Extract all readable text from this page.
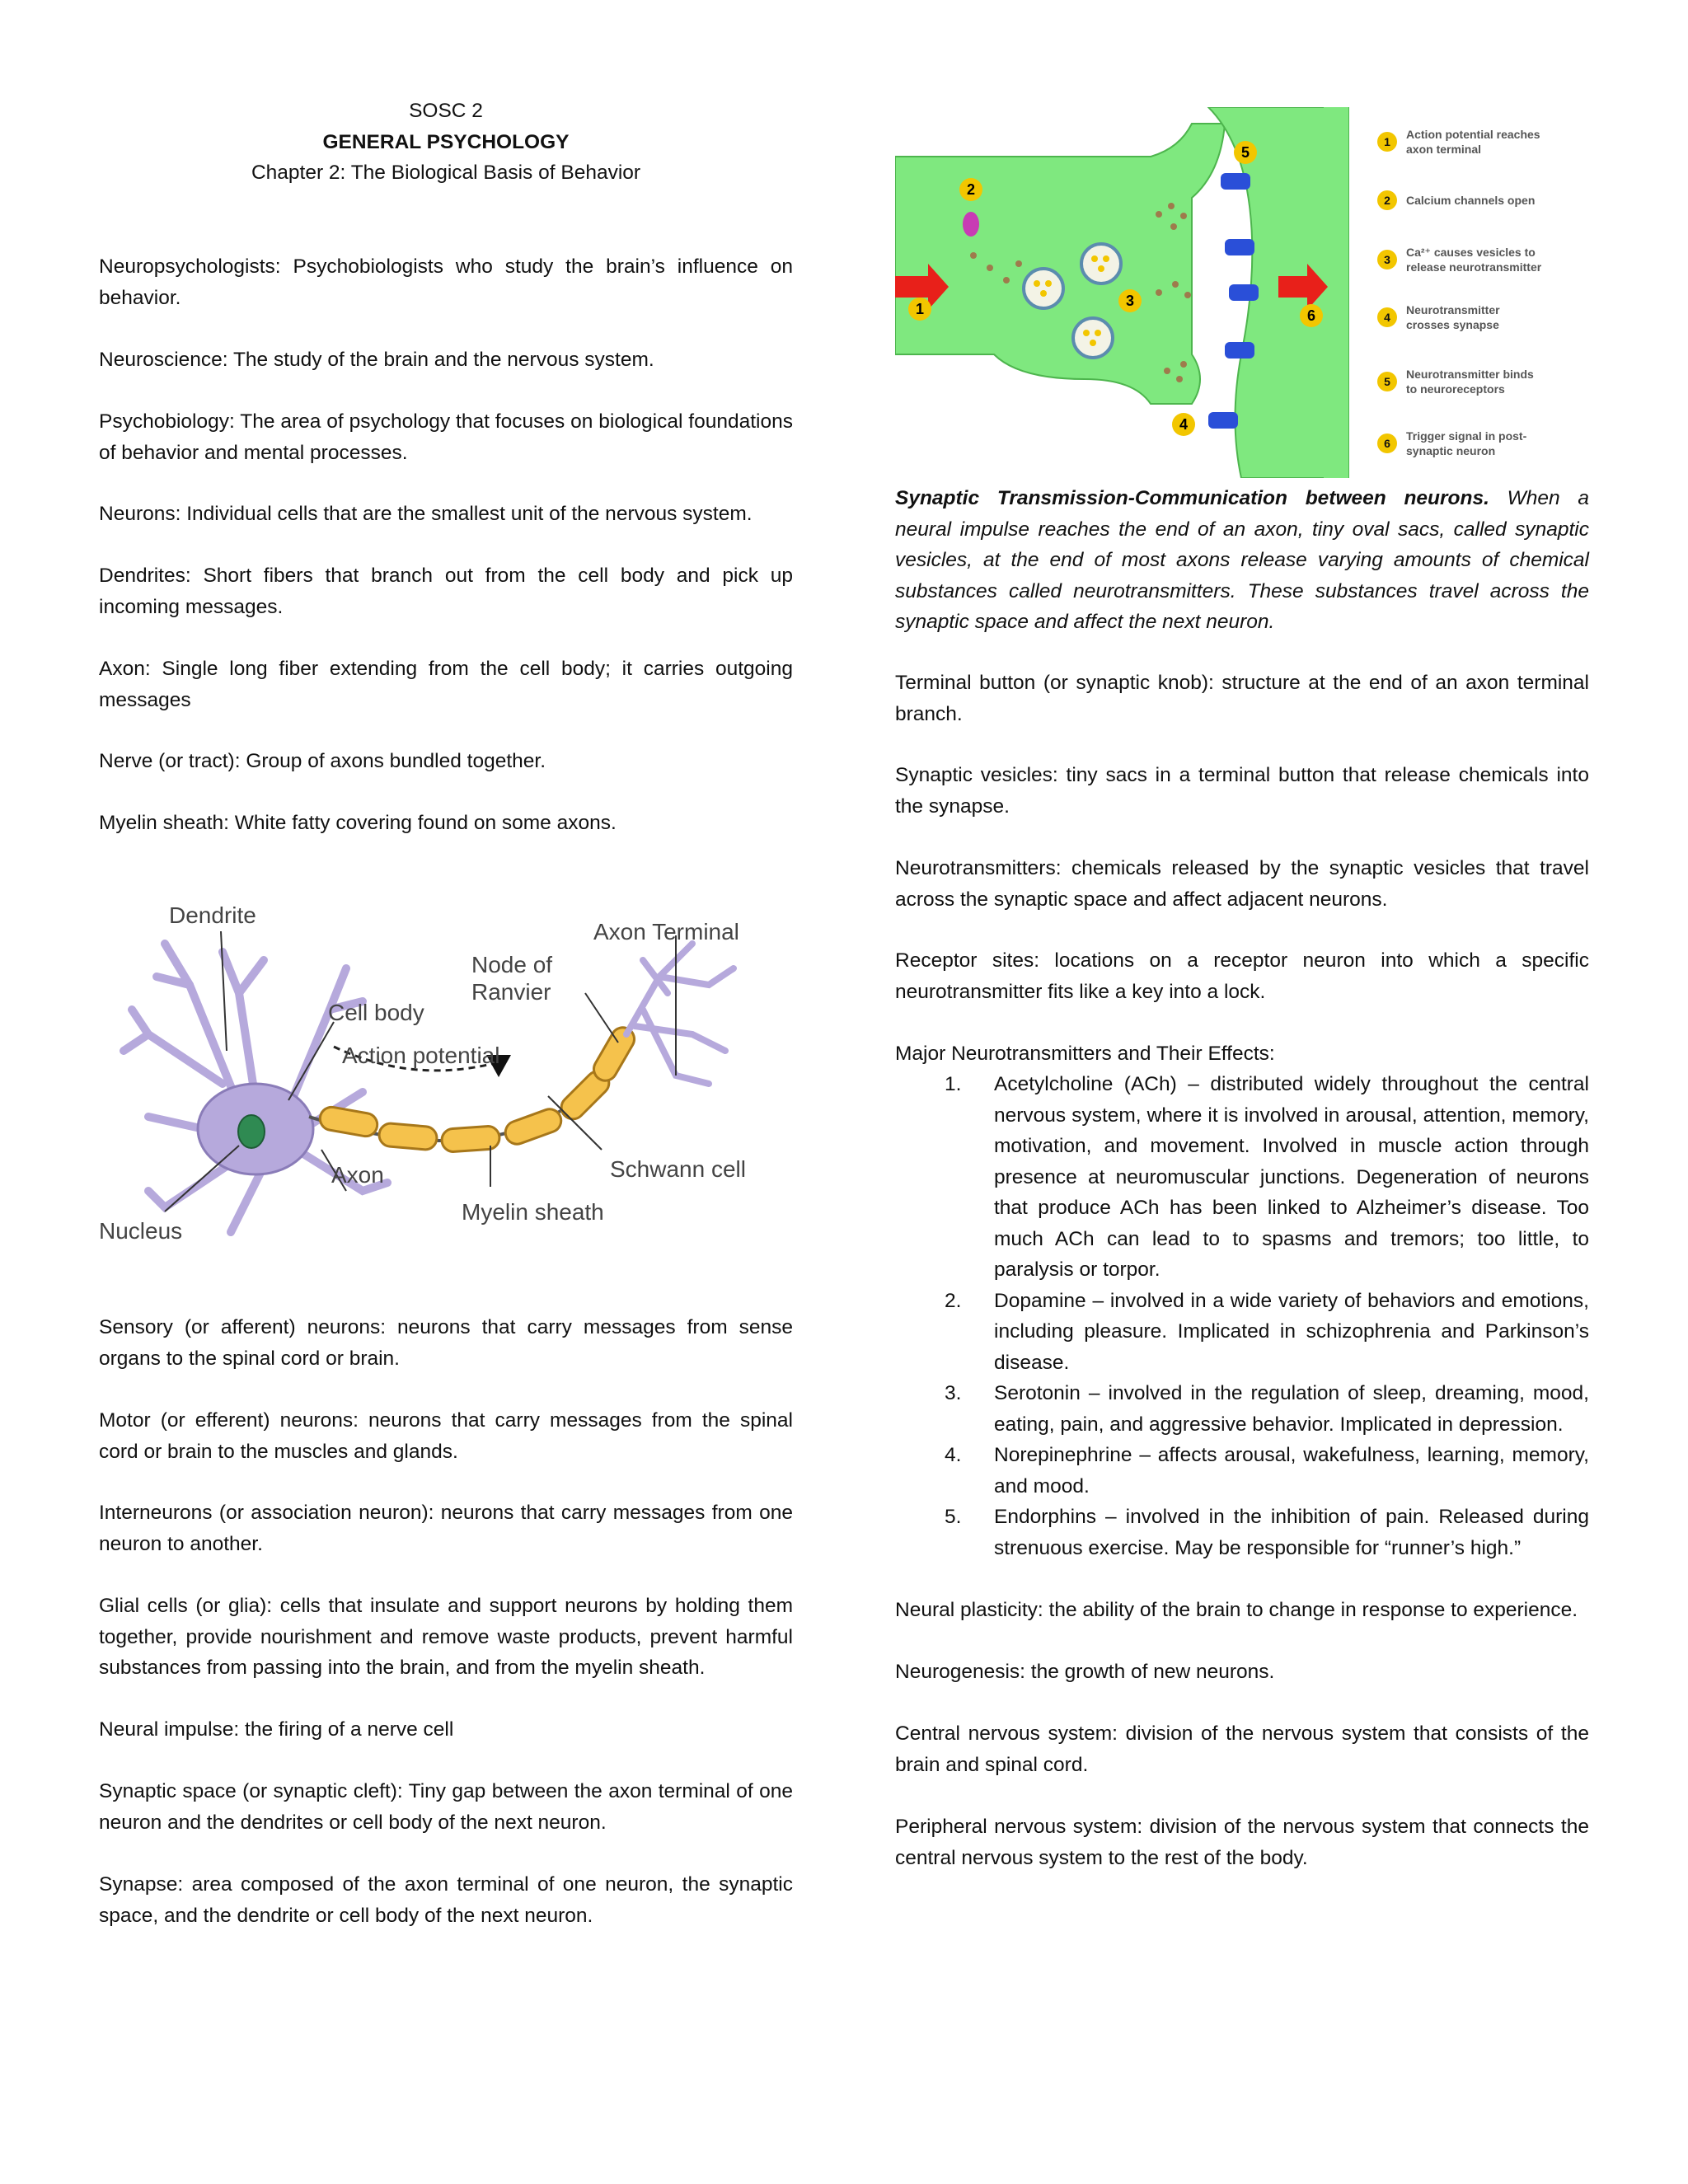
SOSC 2
GENERAL PSYCHOLOGY
Chapter 2: The Biological Basis of Behavior

Neuropsychologists: Psychobiologists who study the brain’s influence on behavior.

Neuroscience: The study of the brain and the nervous system.

Psychobiology: The area of psychology that focuses on biological foundations of behavior and mental processes.

Neurons: Individual cells that are the smallest unit of the nervous system.

Dendrites: Short fibers that branch out from the cell body and pick up incoming messages.

Axon: Single long fiber extending from the cell body; it carries outgoing messages

Nerve (or tract): Group of axons bundled together.

Myelin sheath: White fatty covering found on some axons.

Dendrite
Axon Terminal
Node of
Ranvier
Cell body
Action potential
Schwann cell
Axon
Myelin sheath
Nucleus

Sensory (or afferent) neurons: neurons that carry messages from sense organs to the spinal cord or brain.

Motor (or efferent) neurons: neurons that carry messages from the spinal cord or brain to the muscles and glands.

Interneurons (or association neuron): neurons that carry messages from one neuron to another.

Glial cells (or glia): cells that insulate and support neurons by holding them together, provide nourishment and remove waste products, prevent harmful substances from passing into the brain, and from the myelin sheath.

Neural impulse: the firing of a nerve cell

Synaptic space (or synaptic cleft): Tiny gap between the axon terminal of one neuron and the dendrites or cell body of the next neuron.

Synapse: area composed of the axon terminal of one neuron, the synaptic space, and the dendrite or cell body of the next neuron.

1
2
3
4
5
6
1
Action potential reaches
axon terminal
2 Calcium channels open
3
Ca²⁺ causes vesicles to
release neurotransmitter
4
Neurotransmitter
crosses synapse
5
Neurotransmitter binds
to neuroreceptors
6
Trigger signal in post-
synaptic neuron

Synaptic Transmission-Communication between neurons. When a neural impulse reaches the end of an axon, tiny oval sacs, called synaptic vesicles, at the end of most axons release varying amounts of chemical substances called neurotransmitters. These substances travel across the synaptic space and affect the next neuron.

Terminal button (or synaptic knob): structure at the end of an axon terminal branch.

Synaptic vesicles: tiny sacs in a terminal button that release chemicals into the synapse.

Neurotransmitters: chemicals released by the synaptic vesicles that travel across the synaptic space and affect adjacent neurons.

Receptor sites: locations on a receptor neuron into which a specific neurotransmitter fits like a key into a lock.

Major Neurotransmitters and Their Effects:

1. Acetylcholine (ACh) – distributed widely throughout the central nervous system, where it is involved in arousal, attention, memory, motivation, and movement. Involved in muscle action through presence at neuromuscular junctions. Degeneration of neurons that produce ACh has been linked to Alzheimer’s disease. Too much ACh can lead to to spasms and tremors; too little, to paralysis or torpor.
2. Dopamine – involved in a wide variety of behaviors and emotions, including pleasure. Implicated in schizophrenia and Parkinson’s disease.
3. Serotonin – involved in the regulation of sleep, dreaming, mood, eating, pain, and aggressive behavior. Implicated in depression.
4. Norepinephrine – affects arousal, wakefulness, learning, memory, and mood.
5. Endorphins – involved in the inhibition of pain. Released during strenuous exercise. May be responsible for “runner’s high.”

Neural plasticity: the ability of the brain to change in response to experience.

Neurogenesis: the growth of new neurons.

Central nervous system: division of the nervous system that consists of the brain and spinal cord.

Peripheral nervous system: division of the nervous system that connects the central nervous system to the rest of the body.
